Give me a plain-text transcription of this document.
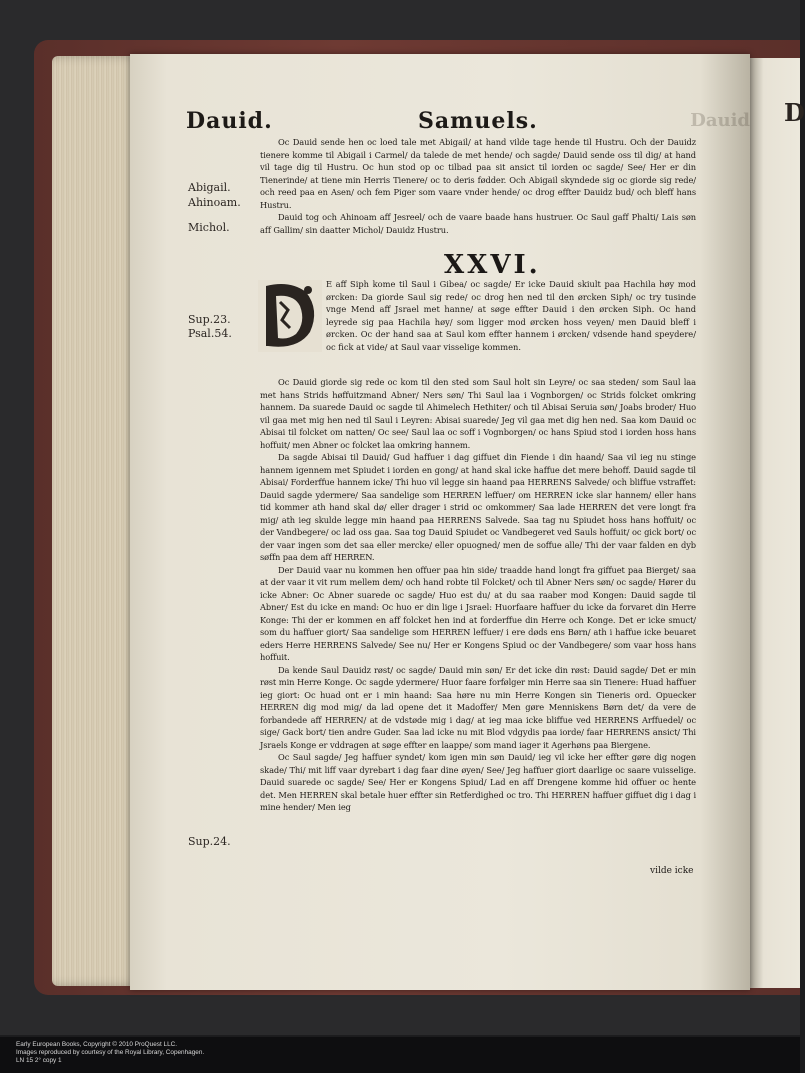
D
Dauid.	Samuels.	Dauid
Abigail.
Ahinoam.
Michol.
Sup.23.
Psal.54.
Sup.24.

Oc Dauid sende hen oc loed tale met Abigail/ at hand vilde tage hende til Hustru. Och der Dauidz tienere komme til Abigail i Carmel/ da talede de met hende/ och sagde/ Dauid sende oss til dig/ at hand vil tage dig til Hustru. Oc hun stod op oc tilbad paa sit ansict til iorden oc sagde/ See/ Her er din Tienerinde/ at tiene min Herris Tienere/ oc to deris fødder. Och Abigail skyndede sig oc giorde sig rede/ och reed paa en Asen/ och fem Piger som vaare vnder hende/ oc drog effter Dauidz bud/ och bleff hans Hustru.

Dauid tog och Ahinoam aff Jesreel/ och de vaare baade hans hustruer. Oc Saul gaff Phalti/ Lais søn aff Gallim/ sin daatter Michol/ Dauidz Hustru.

XXVI.
E aff Siph kome til Saul i Gibea/ oc sagde/ Er icke Dauid skiult paa Hachila høy mod ørcken: Da giorde Saul sig rede/ oc drog hen ned til den ørcken Siph/ oc try tusinde vnge Mend aff Jsrael met hanne/ at søge effter Dauid i den ørcken Siph. Oc hand leyrede sig paa Hachila høy/ som ligger mod ørcken hoss veyen/ men Dauid bleff i ørcken. Oc der hand saa at Saul kom effter hannem i ørcken/ vdsende hand speydere/ oc fick at vide/ at Saul vaar visselige kommen.

Oc Dauid giorde sig rede oc kom til den sted som Saul holt sin Leyre/ oc saa steden/ som Saul laa met hans Strids høffuitzmand Abner/ Ners søn/ Thi Saul laa i Vognborgen/ oc Strids folcket omkring hannem. Da suarede Dauid oc sagde til Ahimelech Hethiter/ och til Abisai Seruia søn/ Joabs broder/ Huo vil gaa met mig hen ned til Saul i Leyren: Abisai suarede/ Jeg vil gaa met dig hen ned. Saa kom Dauid oc Abisai til folcket om natten/ Oc see/ Saul laa oc soff i Vognborgen/ oc hans Spiud stod i iorden hoss hans hoffuit/ men Abner oc folcket laa omkring hannem.

Da sagde Abisai til Dauid/ Gud haffuer i dag giffuet din Fiende i din haand/ Saa vil ieg nu stinge hannem igennem met Spiudet i iorden en gong/ at hand skal icke haffue det mere behoff. Dauid sagde til Abisai/ Forderffue hannem icke/ Thi huo vil legge sin haand paa HERRENS Salvede/ och bliffue vstraffet: Dauid sagde ydermere/ Saa sandelige som HERREN leffuer/ om HERREN icke slar hannem/ eller hans tid kommer ath hand skal dø/ eller drager i strid oc omkommer/ Saa lade HERREN det vere longt fra mig/ ath ieg skulde legge min haand paa HERRENS Salvede. Saa tag nu Spiudet hoss hans hoffuit/ oc der Vandbegere/ oc lad oss gaa. Saa tog Dauid Spiudet oc Vandbegeret ved Sauls hoffuit/ oc gick bort/ oc der vaar ingen som det saa eller mercke/ eller opuogned/ men de soffue alle/ Thi der vaar falden en dyb søffn paa dem aff HERREN.

Der Dauid vaar nu kommen hen offuer paa hin side/ traadde hand longt fra giffuet paa Bierget/ saa at der vaar it vit rum mellem dem/ och hand robte til Folcket/ och til Abner Ners søn/ oc sagde/ Hører du icke Abner: Oc Abner suarede oc sagde/ Huo est du/ at du saa raaber mod Kongen: Dauid sagde til Abner/ Est du icke en mand: Oc huo er din lige i Jsrael: Huorfaare haffuer du icke da forvaret din Herre Konge: Thi der er kommen en aff folcket hen ind at forderffue din Herre och Konge. Det er icke smuct/ som du haffuer giort/ Saa sandelige som HERREN leffuer/ i ere døds ens Børn/ ath i haffue icke beuaret eders Herre HERRENS Salvede/ See nu/ Her er Kongens Spiud oc der Vandbegere/ som vaar hoss hans hoffuit.

Da kende Saul Dauidz røst/ oc sagde/ Dauid min søn/ Er det icke din røst: Dauid sagde/ Det er min røst min Herre Konge. Oc sagde ydermere/ Huor faare forfølger min Herre saa sin Tienere: Huad haffuer ieg giort: Oc huad ont er i min haand: Saa høre nu min Herre Kongen sin Tieneris ord. Opuecker HERREN dig mod mig/ da lad opene det it Madoffer/ Men gøre Menniskens Børn det/ da vere de forbandede aff HERREN/ at de vdstøde mig i dag/ at ieg maa icke bliffue ved HERRENS Arffuedel/ oc sige/ Gack bort/ tien andre Guder. Saa lad icke nu mit Blod vdgydis paa iorde/ faar HERRENS ansict/ Thi Jsraels Konge er vddragen at søge effter en laappe/ som mand iager it Agerhøns paa Biergene.

Oc Saul sagde/ Jeg haffuer syndet/ kom igen min søn Dauid/ ieg vil icke her effter gøre dig nogen skade/ Thi/ mit liff vaar dyrebart i dag faar dine øyen/ See/ Jeg haffuer giort daarlige oc saare vuisselige. Dauid suarede oc sagde/ See/ Her er Kongens Spiud/ Lad en aff Drengene komme hid offuer oc hente det. Men HERREN skal betale huer effter sin Retferdighed oc tro. Thi HERREN haffuer giffuet dig i dag i mine hender/ Men ieg

vilde icke
Early European Books, Copyright © 2010 ProQuest LLC.
Images reproduced by courtesy of the Royal Library, Copenhagen.
LN 15 2° copy 1
